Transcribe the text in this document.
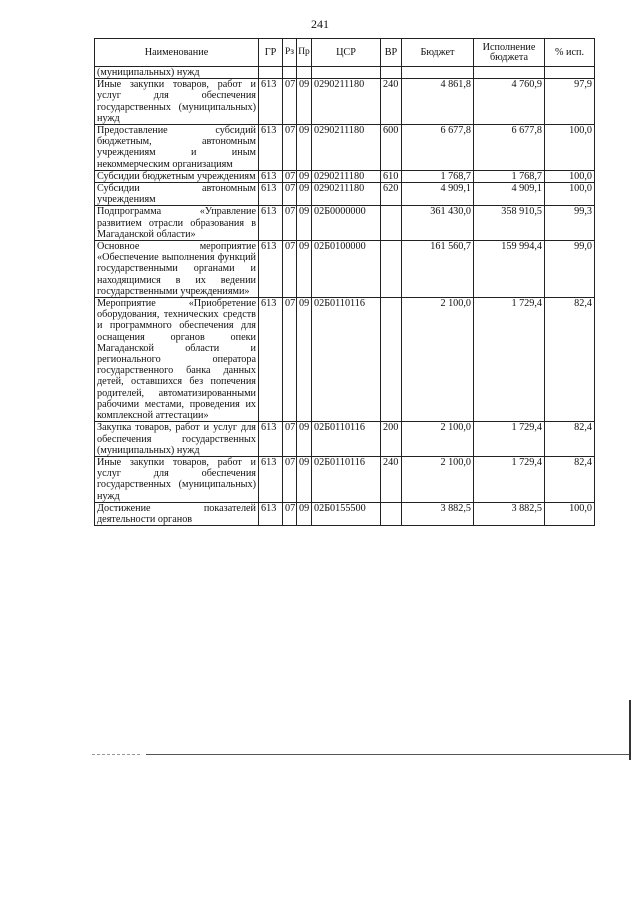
241
Наименование	ГР	Рз	Пр	ЦСР	ВР	Бюджет	Исполнение бюджета	% исп.
(муниципальных) нужд								
Иные закупки товаров, работ и услуг для обеспечения государственных (муниципальных) нужд	613	07	09	0290211180	240	4 861,8	4 760,9	97,9
Предоставление субсидий бюджетным, автономным учреждениям и иным некоммерческим организациям	613	07	09	0290211180	600	6 677,8	6 677,8	100,0
Субсидии бюджетным учреждениям	613	07	09	0290211180	610	1 768,7	1 768,7	100,0
Субсидии автономным учреждениям	613	07	09	0290211180	620	4 909,1	4 909,1	100,0
Подпрограмма «Управление развитием отрасли образования в Магаданской области»	613	07	09	02Б0000000		361 430,0	358 910,5	99,3
Основное мероприятие «Обеспечение выполнения функций государственными органами и находящимися в их ведении государственными учреждениями»	613	07	09	02Б0100000		161 560,7	159 994,4	99,0
Мероприятие «Приобретение оборудования, технических средств и программного обеспечения для оснащения органов опеки Магаданской области и регионального оператора государственного банка данных детей, оставшихся без попечения родителей, автоматизированными рабочими местами, проведения их комплексной аттестации»	613	07	09	02Б0110116		2 100,0	1 729,4	82,4
Закупка товаров, работ и услуг для обеспечения государственных (муниципальных) нужд	613	07	09	02Б0110116	200	2 100,0	1 729,4	82,4
Иные закупки товаров, работ и услуг для обеспечения государственных (муниципальных) нужд	613	07	09	02Б0110116	240	2 100,0	1 729,4	82,4
Достижение показателей деятельности органов	613	07	09	02Б0155500		3 882,5	3 882,5	100,0
